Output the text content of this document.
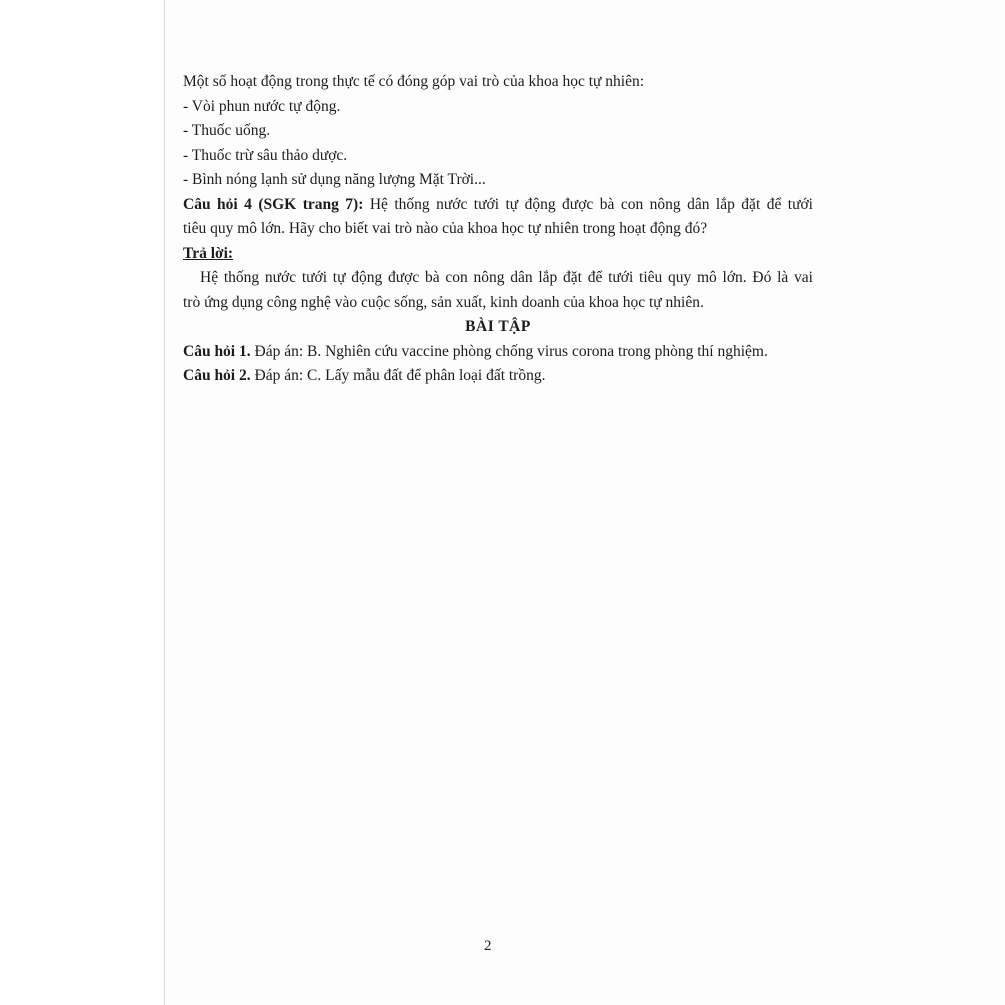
Một số hoạt động trong thực tế có đóng góp vai trò của khoa học tự nhiên:
- Vòi phun nước tự động.
- Thuốc uống.
- Thuốc trừ sâu thảo dược.
- Bình nóng lạnh sử dụng năng lượng Mặt Trời...
Câu hỏi 4 (SGK trang 7): Hệ thống nước tưới tự động được bà con nông dân lắp đặt để tưới
tiêu quy mô lớn. Hãy cho biết vai trò nào của khoa học tự nhiên trong hoạt động đó?
Trả lời:
Hệ thống nước tưới tự động được bà con nông dân lắp đặt để tưới tiêu quy mô lớn. Đó là vai
trò ứng dụng công nghệ vào cuộc sống, sản xuất, kinh doanh của khoa học tự nhiên.
BÀI TẬP
Câu hỏi 1. Đáp án: B. Nghiên cứu vaccine phòng chống virus corona trong phòng thí nghiệm.
Câu hỏi 2. Đáp án: C. Lấy mẫu đất để phân loại đất trồng.
2
